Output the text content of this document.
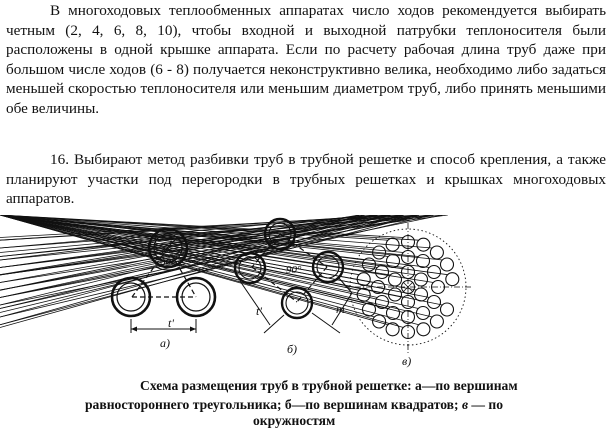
В многоходовых теплообменных аппаратах число ходов рекомендуется выбирать четным (2, 4, 6, 8, 10), чтобы входной и выходной патрубки теплоносителя были расположены в одной крышке аппарата. Если по расчету рабочая длина труб даже при большом числе ходов (6 - 8) получается неконструктивно велика, необходимо либо задаться меньшей скоростью теплоносителя или меньшим диаметром труб, либо принять меньшими обе величины.

16. Выбирают метод разбивки труб в трубной решетке и способ крепления, а также планируют участки под перегородки в трубных решетках и крышках многоходовых аппаратов.

60°
t'
t'
а)
90°
t'	m
б)
в)

Схема размещения труб в трубной решетке: а—по вершинам

равностороннего треугольника; б—по вершинам квадратов; в — по

окружностям
